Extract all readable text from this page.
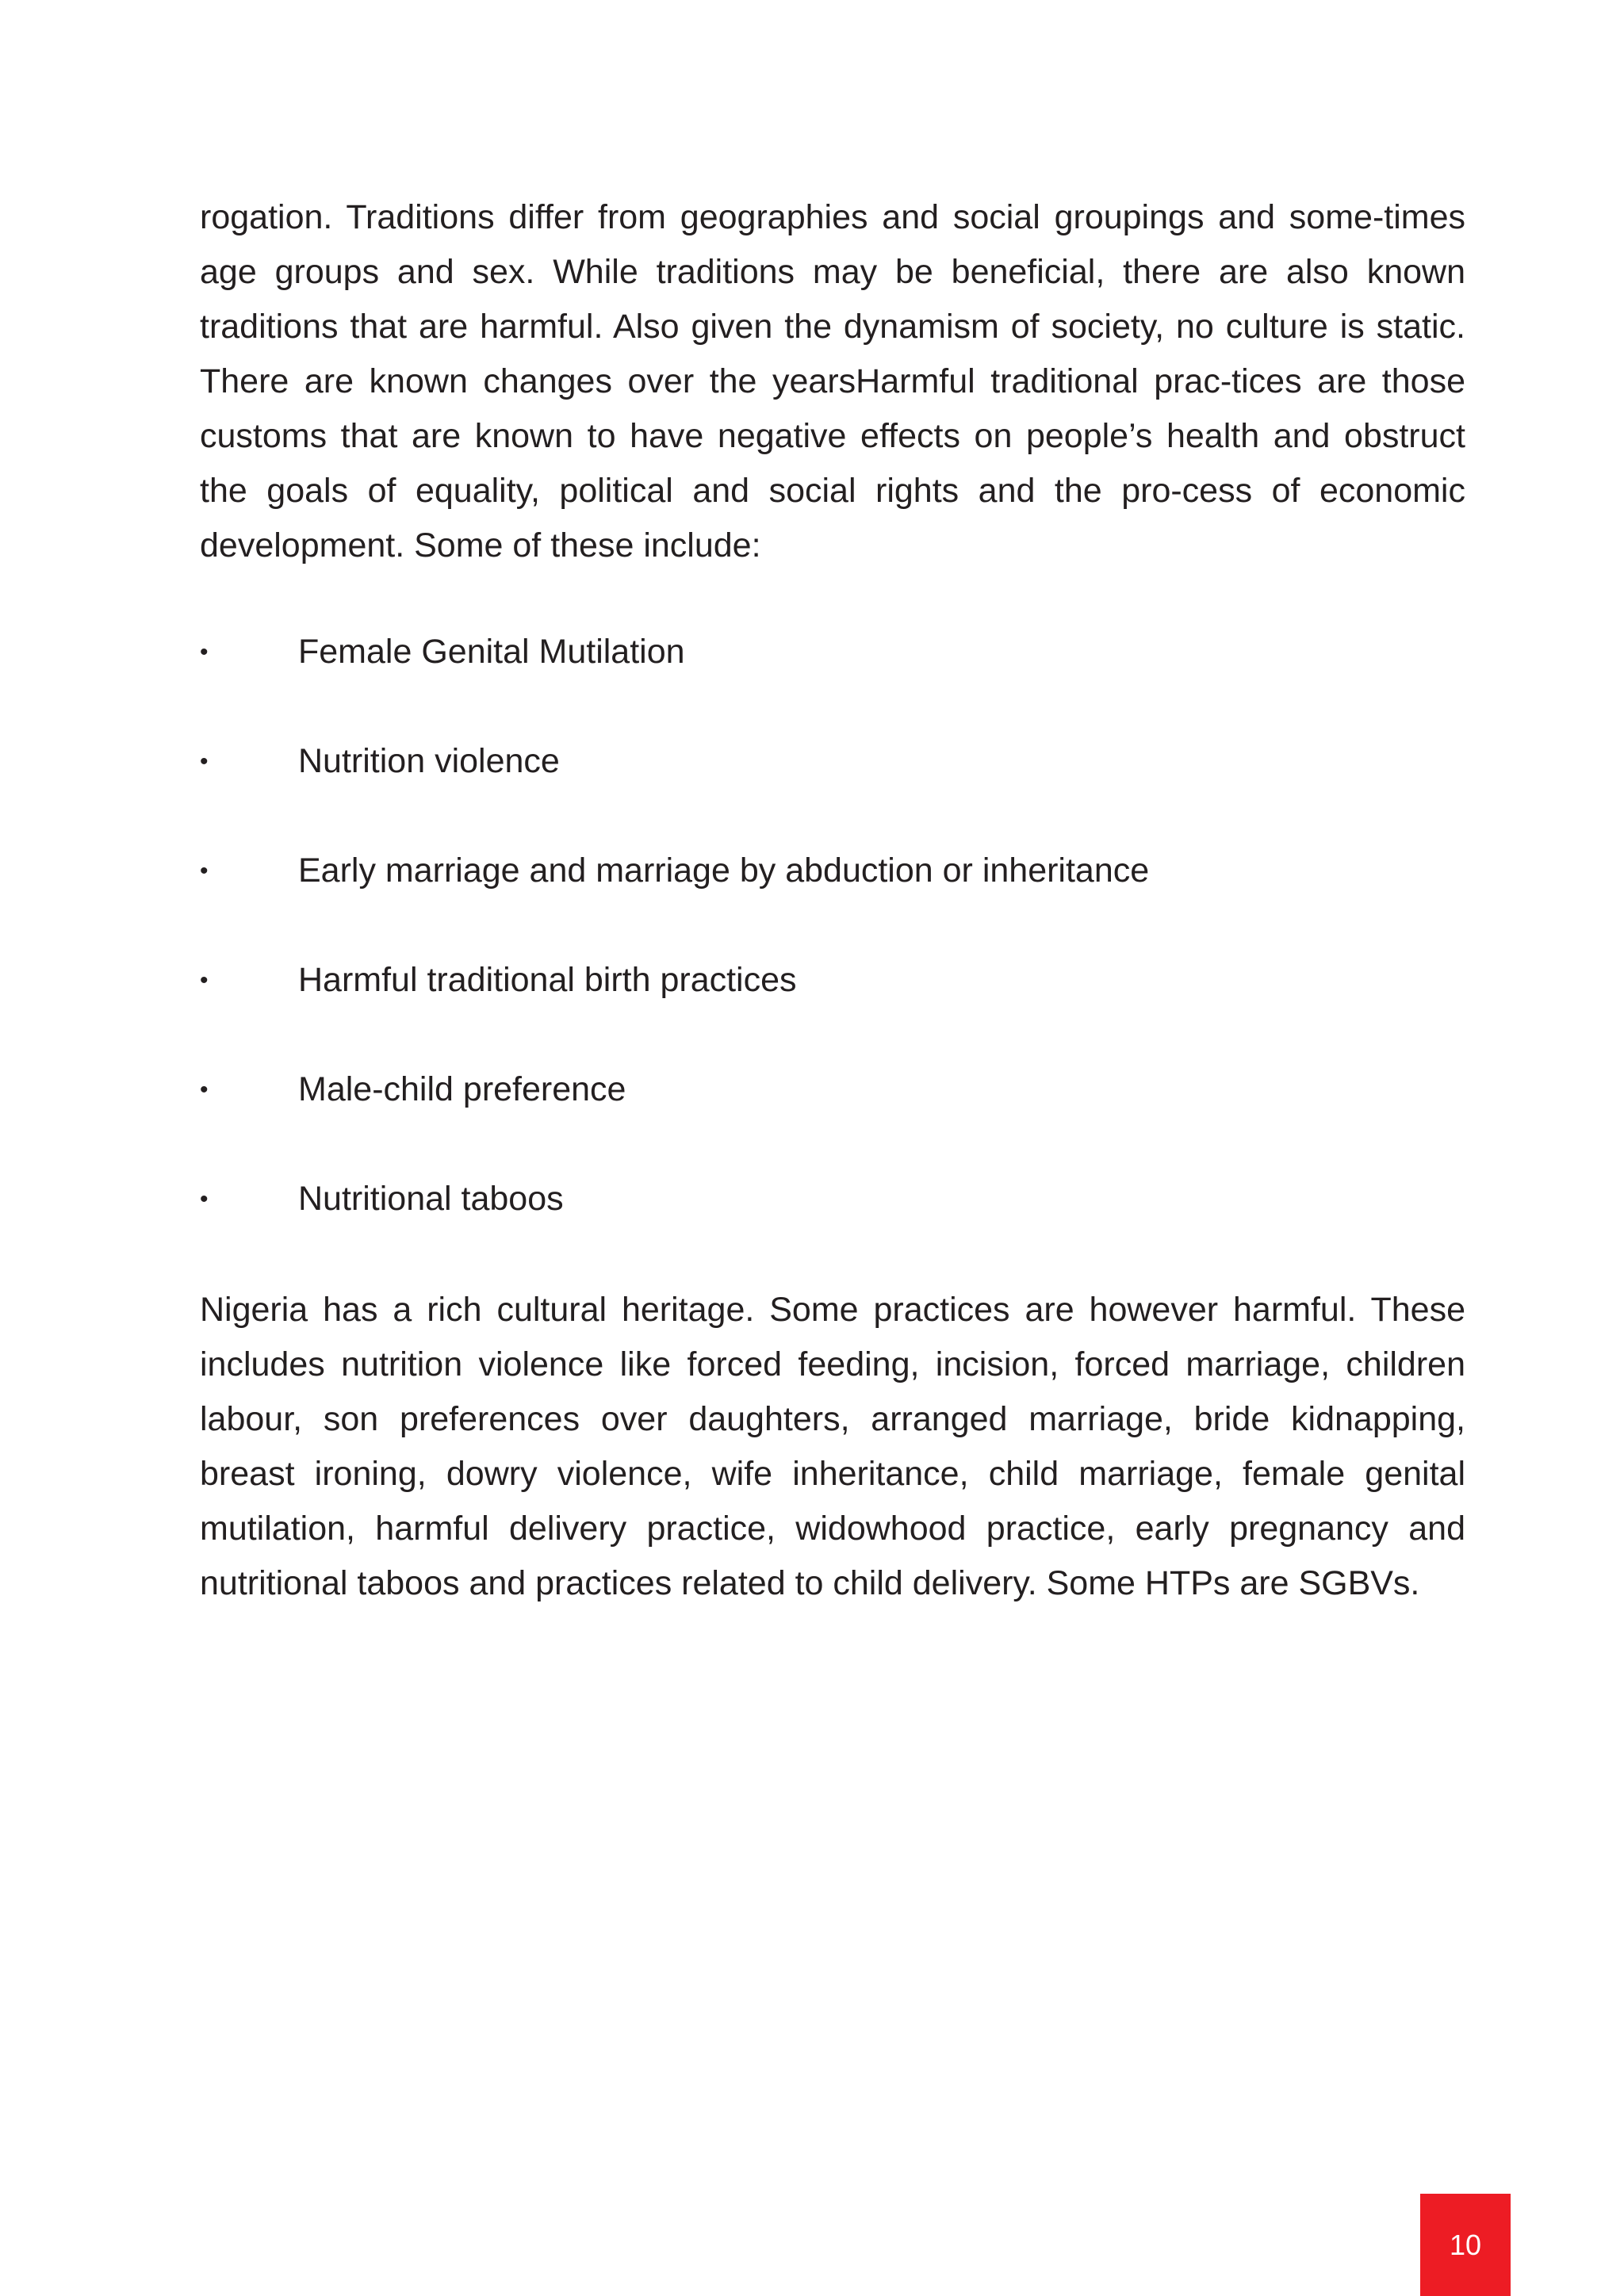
rogation. Traditions differ from geographies and social groupings and some-times age groups and sex. While traditions may be beneficial, there are also known traditions that are harmful. Also given the dynamism of society, no culture is static. There are known changes over the yearsHarmful traditional prac-tices are those customs that are known to have negative effects on people’s health and obstruct the goals of equality, political and social rights and the pro-cess of economic development. Some of these include:

•	Female Genital Mutilation
•	Nutrition violence
•	Early marriage and marriage by abduction or inheritance
•	Harmful traditional birth practices
•	Male-child preference
•	Nutritional taboos

Nigeria has a rich cultural heritage. Some practices are however harmful. These includes nutrition violence like forced feeding, incision, forced marriage, children labour, son preferences over daughters, arranged marriage, bride kidnapping, breast ironing, dowry violence, wife inheritance, child marriage, female genital mutilation, harmful delivery practice, widowhood practice, early pregnancy and nutritional taboos and practices related to child delivery. Some HTPs are SGBVs.

10
